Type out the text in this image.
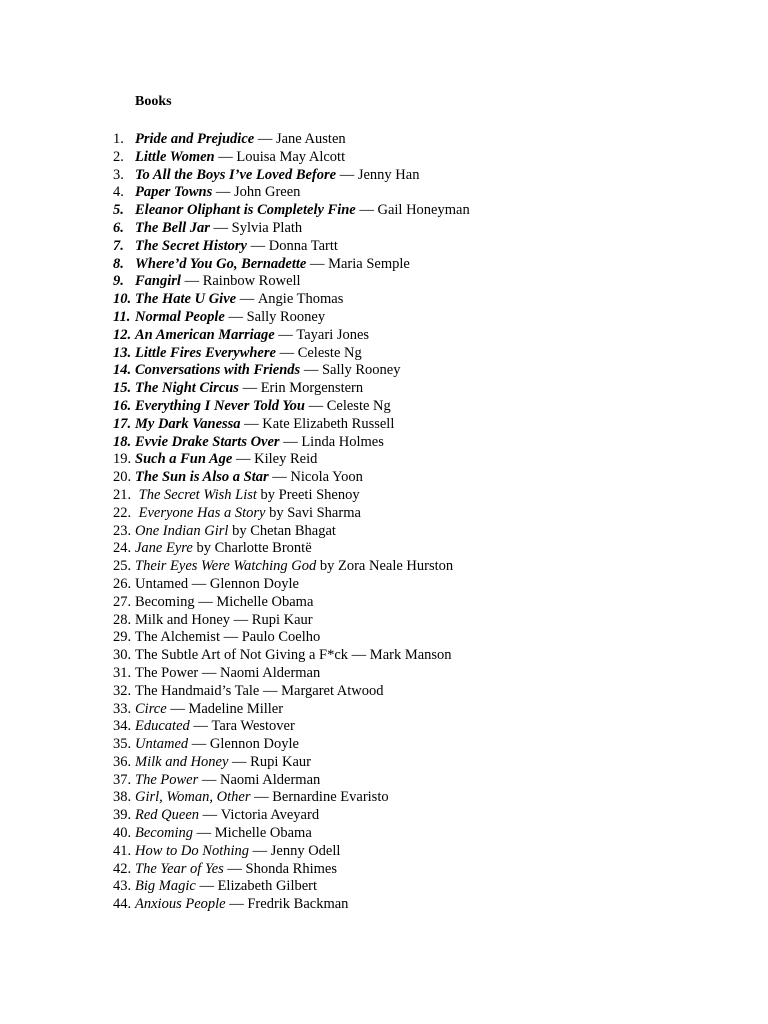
Books
1. Pride and Prejudice — Jane Austen
2. Little Women — Louisa May Alcott
3. To All the Boys I’ve Loved Before — Jenny Han
4. Paper Towns — John Green
5. Eleanor Oliphant is Completely Fine — Gail Honeyman
6. The Bell Jar — Sylvia Plath
7. The Secret History — Donna Tartt
8. Where’d You Go, Bernadette — Maria Semple
9. Fangirl — Rainbow Rowell
10. The Hate U Give — Angie Thomas
11. Normal People — Sally Rooney
12. An American Marriage — Tayari Jones
13. Little Fires Everywhere — Celeste Ng
14. Conversations with Friends — Sally Rooney
15. The Night Circus — Erin Morgenstern
16. Everything I Never Told You — Celeste Ng
17. My Dark Vanessa — Kate Elizabeth Russell
18. Evvie Drake Starts Over — Linda Holmes
19. Such a Fun Age — Kiley Reid
20. The Sun is Also a Star — Nicola Yoon
21. The Secret Wish List by Preeti Shenoy
22. Everyone Has a Story by Savi Sharma
23. One Indian Girl by Chetan Bhagat
24. Jane Eyre by Charlotte Brontë
25. Their Eyes Were Watching God by Zora Neale Hurston
26. Untamed — Glennon Doyle
27. Becoming — Michelle Obama
28. Milk and Honey — Rupi Kaur
29. The Alchemist — Paulo Coelho
30. The Subtle Art of Not Giving a F*ck — Mark Manson
31. The Power — Naomi Alderman
32. The Handmaid’s Tale — Margaret Atwood
33. Circe — Madeline Miller
34. Educated — Tara Westover
35. Untamed — Glennon Doyle
36. Milk and Honey — Rupi Kaur
37. The Power — Naomi Alderman
38. Girl, Woman, Other — Bernardine Evaristo
39. Red Queen — Victoria Aveyard
40. Becoming — Michelle Obama
41. How to Do Nothing — Jenny Odell
42. The Year of Yes — Shonda Rhimes
43. Big Magic — Elizabeth Gilbert
44. Anxious People — Fredrik Backman
